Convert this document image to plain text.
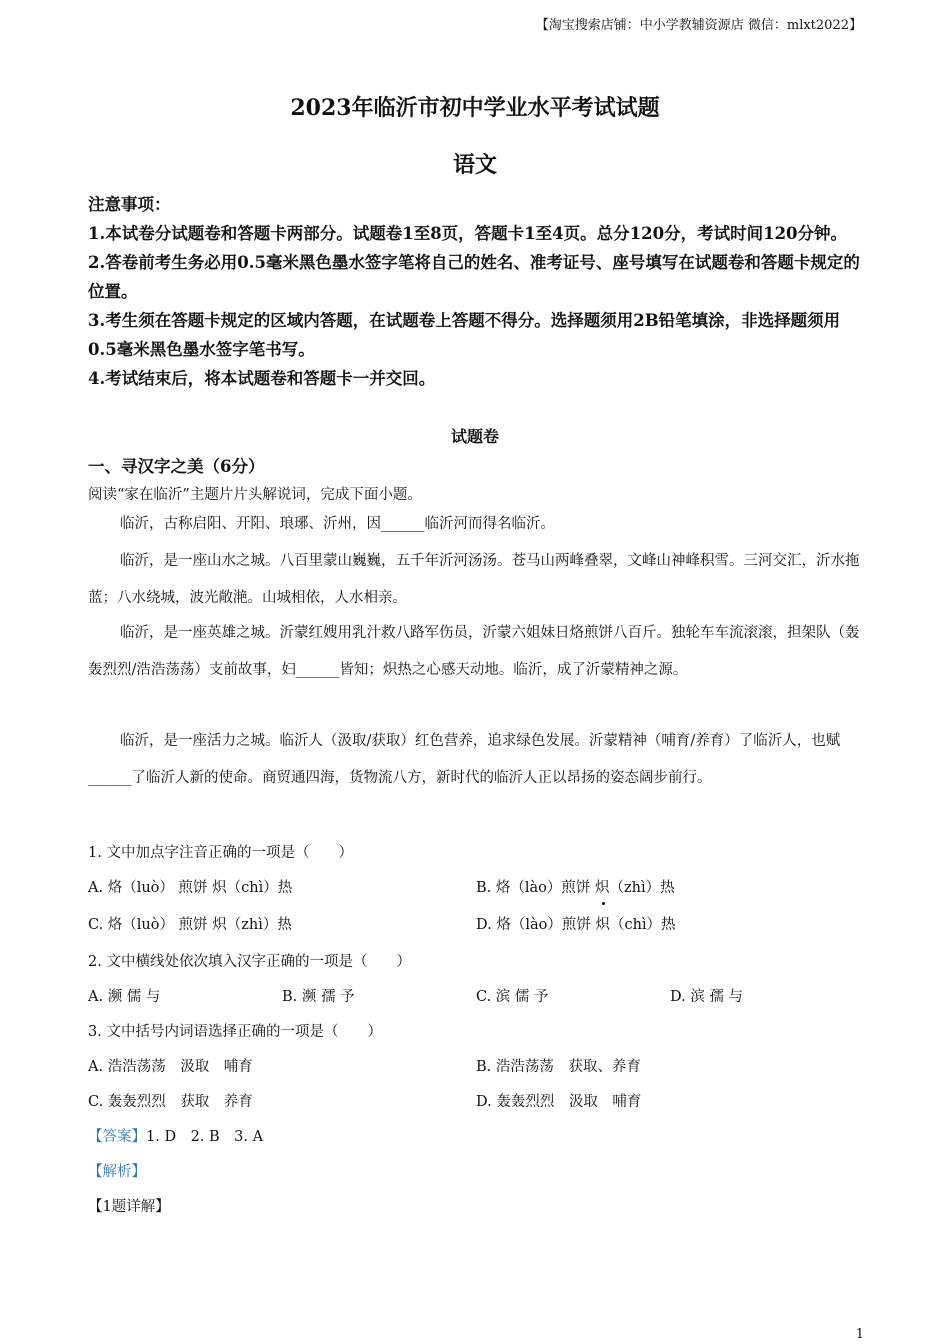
【淘宝搜索店铺：中小学教辅资源店 微信：mlxt2022】
2023年临沂市初中学业水平考试试题
语文
注意事项：
1.本试卷分试题卷和答题卡两部分。试题卷1至8页，答题卡1至4页。总分120分，考试时间120分钟。
2.答卷前考生务必用0.5毫米黑色墨水签字笔将自己的姓名、准考证号、座号填写在试题卷和答题卡规定的位置。
3.考生须在答题卡规定的区域内答题，在试题卷上答题不得分。选择题须用2B铅笔填涂，非选择题须用0.5毫米黑色墨水签字笔书写。
4.考试结束后，将本试题卷和答题卡一并交回。
试题卷
一、寻汉字之美（6分）
阅读“家在临沂”主题片片头解说词，完成下面小题。
临沂，古称启阳、开阳、琅琊、沂州，因______临沂河而得名临沂。
临沂，是一座山水之城。八百里蒙山巍巍，五千年沂河汤汤。苍马山两峰叠翠，文峰山神峰积雪。三河交汇，沂水拖蓝；八水绕城，波光敞滟。山城相依，人水相亲。
临沂，是一座英雄之城。沂蒙红嫂用乳汁救八路军伤员，沂蒙六姐妹日烙煎饼八百斤。独轮车车流滚滚，担架队（轰轰烈烈/浩浩荡荡）支前故事，妇______皆知；炽热之心感天动地。临沂，成了沂蒙精神之源。
临沂，是一座活力之城。临沂人（汲取/获取）红色营养，追求绿色发展。沂蒙精神（哺育/养育）了临沂人，也赋______了临沂人新的使命。商贸通四海，货物流八方，新时代的临沂人正以昂扬的姿态阔步前行。
1. 文中加点字注音正确的一项是（　　）
A. 烙（luò） 煎饼 炽（chì）热	B. 烙（lào）煎饼 炽（zhì）热
C. 烙（luò） 煎饼 炽（zhì）热	D. 烙（lào）煎饼 炽（chì）热
2. 文中横线处依次填入汉字正确的一项是（　　）
A. 濒 儒 与	B. 濒 孺 予	C. 滨 儒 予	D. 滨 孺 与
3. 文中括号内词语选择正确的一项是（　　）
A. 浩浩荡荡　汲取　哺育	B. 浩浩荡荡　获取、养育
C. 轰轰烈烈　获取　养育	D. 轰轰烈烈　汲取　哺育
【答案】1. D　2. B　3. A
【解析】
【1题详解】
1
